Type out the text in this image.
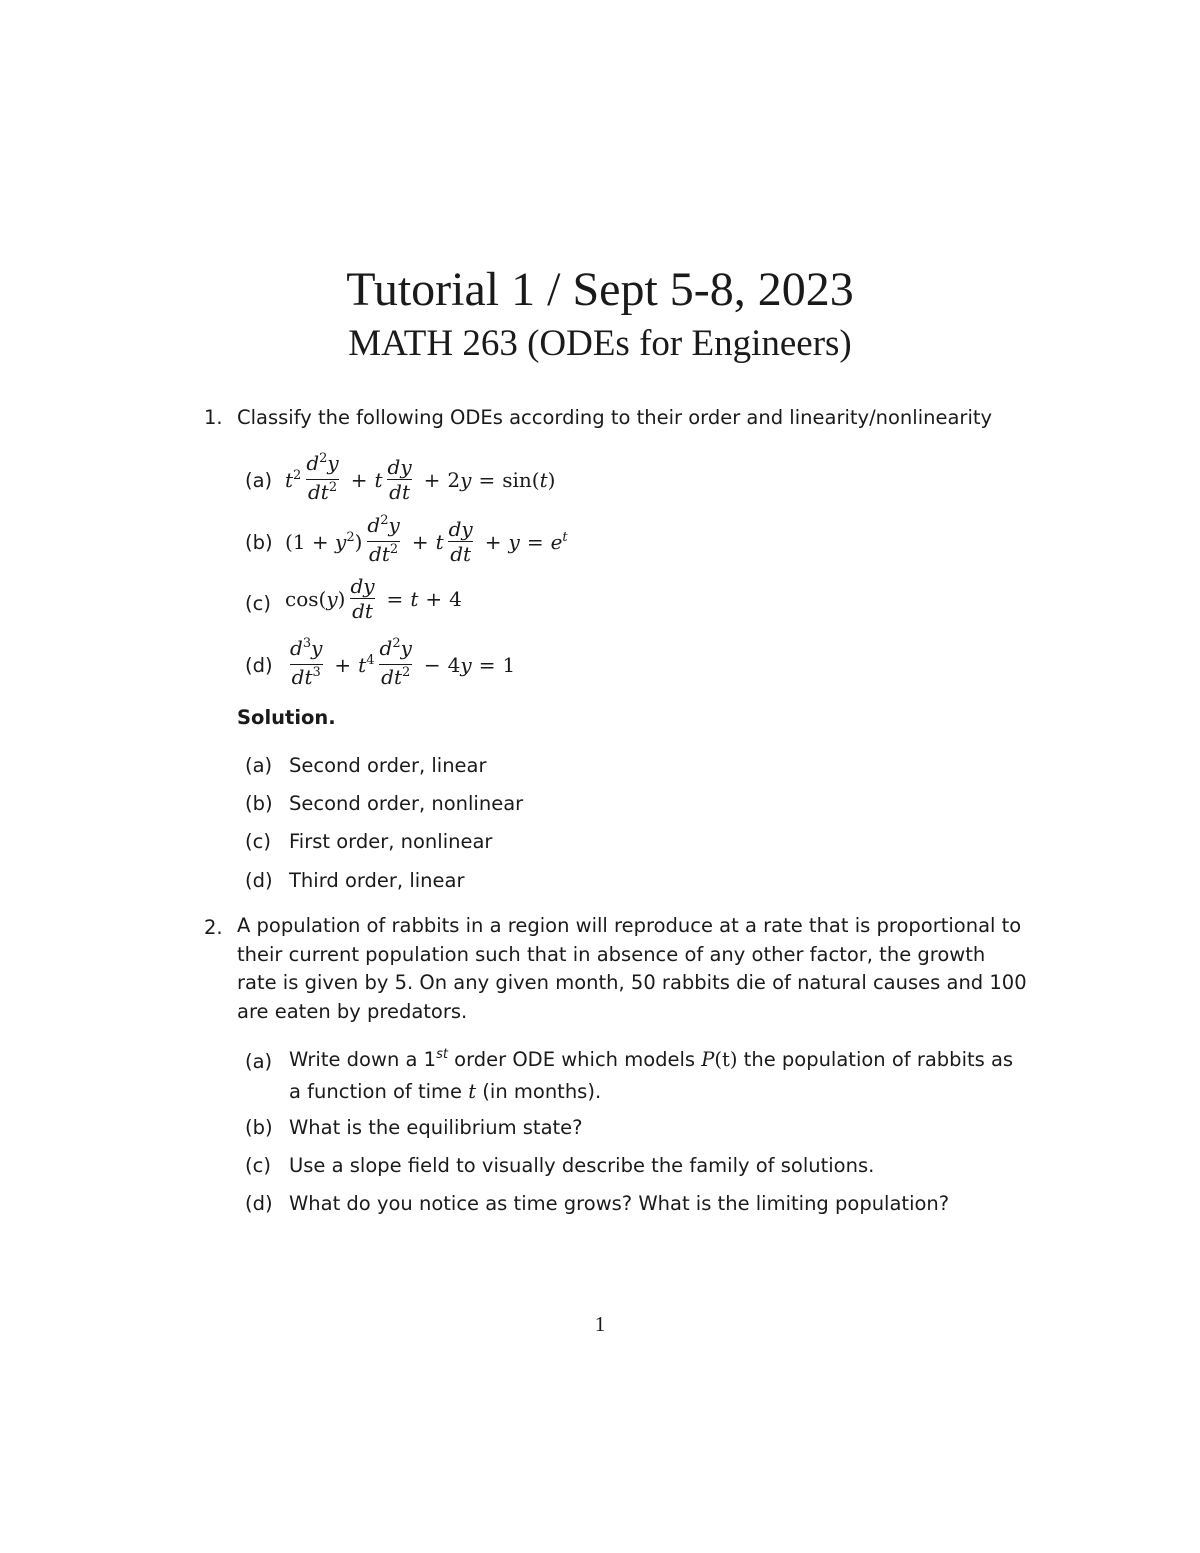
Tutorial 1 / Sept 5-8, 2023
MATH 263 (ODEs for Engineers)
1. Classify the following ODEs according to their order and linearity/nonlinearity
(a) $t^2 \frac{d^2y}{dt^2} + t \frac{dy}{dt} + 2y = \sin(t)$
(b) $(1 + y^2) \frac{d^2y}{dt^2} + t \frac{dy}{dt} + y = e^t$
(c) $\cos(y) \frac{dy}{dt} = t + 4$
$(d) \frac{d^3y}{dt^3} + t^4 \frac{d^2y}{dt^2} - 4y = 1$
Solution.
(a) Second order, linear
(b) Second order, nonlinear
(c) First order, nonlinear
(d) Third order, linear
2. A population of rabbits in a region will reproduce at a rate that is proportional to their current population such that in absence of any other factor, the growth rate is given by 5. On any given month, 50 rabbits die of natural causes and 100 are eaten by predators.

(a) Write down a 1st order ODE which models P(t) the population of rabbits as a function of time t (in months).

(b) What is the equilibrium state?
(c) Use a slope field to visually describe the family of solutions.
(d) What do you notice as time grows? What is the limiting population?
1
